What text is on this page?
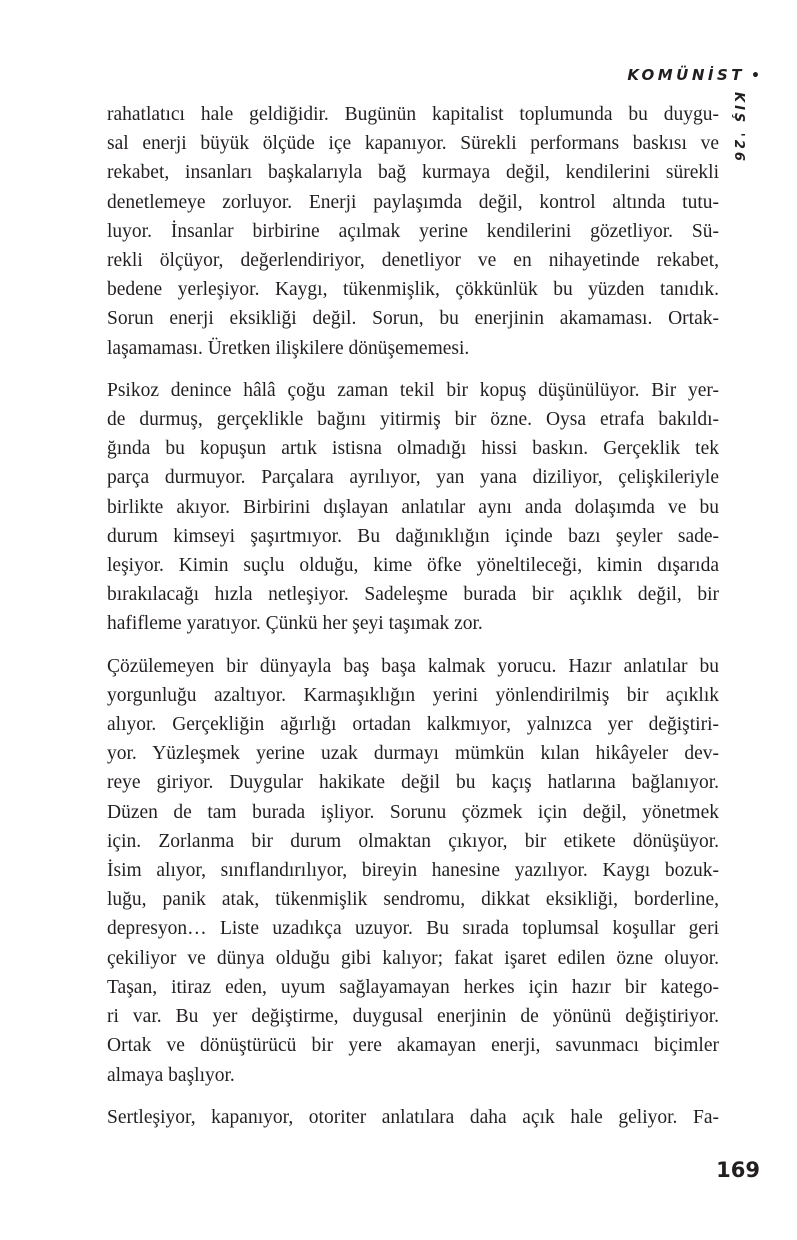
KOMÜNİST •
KIŞ '26

rahatlatıcı hale geldiğidir. Bugünün kapitalist toplumunda bu duygu-
sal enerji büyük ölçüde içe kapanıyor. Sürekli performans baskısı ve
rekabet, insanları başkalarıyla bağ kurmaya değil, kendilerini sürekli
denetlemeye zorluyor. Enerji paylaşımda değil, kontrol altında tutu-
luyor. İnsanlar birbirine açılmak yerine kendilerini gözetliyor. Sü-
rekli ölçüyor, değerlendiriyor, denetliyor ve en nihayetinde rekabet,
bedene yerleşiyor. Kaygı, tükenmişlik, çökkünlük bu yüzden tanıdık.
Sorun enerji eksikliği değil. Sorun, bu enerjinin akamaması. Ortak-
laşamaması. Üretken ilişkilere dönüşememesi.

Psikoz denince hâlâ çoğu zaman tekil bir kopuş düşünülüyor. Bir yer-
de durmuş, gerçeklikle bağını yitirmiş bir özne. Oysa etrafa bakıldı-
ğında bu kopuşun artık istisna olmadığı hissi baskın. Gerçeklik tek
parça durmuyor. Parçalara ayrılıyor, yan yana diziliyor, çelişkileriyle
birlikte akıyor. Birbirini dışlayan anlatılar aynı anda dolaşımda ve bu
durum kimseyi şaşırtmıyor. Bu dağınıklığın içinde bazı şeyler sade-
leşiyor. Kimin suçlu olduğu, kime öfke yöneltileceği, kimin dışarıda
bırakılacağı hızla netleşiyor. Sadeleşme burada bir açıklık değil, bir
hafifleme yaratıyor. Çünkü her şeyi taşımak zor.

Çözülemeyen bir dünyayla baş başa kalmak yorucu. Hazır anlatılar bu
yorgunluğu azaltıyor. Karmaşıklığın yerini yönlendirilmiş bir açıklık
alıyor. Gerçekliğin ağırlığı ortadan kalkmıyor, yalnızca yer değiştiri-
yor. Yüzleşmek yerine uzak durmayı mümkün kılan hikâyeler dev-
reye giriyor. Duygular hakikate değil bu kaçış hatlarına bağlanıyor.
Düzen de tam burada işliyor. Sorunu çözmek için değil, yönetmek
için. Zorlanma bir durum olmaktan çıkıyor, bir etikete dönüşüyor.
İsim alıyor, sınıflandırılıyor, bireyin hanesine yazılıyor. Kaygı bozuk-
luğu, panik atak, tükenmişlik sendromu, dikkat eksikliği, borderline,
depresyon… Liste uzadıkça uzuyor. Bu sırada toplumsal koşullar geri
çekiliyor ve dünya olduğu gibi kalıyor; fakat işaret edilen özne oluyor.
Taşan, itiraz eden, uyum sağlayamayan herkes için hazır bir katego-
ri var. Bu yer değiştirme, duygusal enerjinin de yönünü değiştiriyor.
Ortak ve dönüştürücü bir yere akamayan enerji, savunmacı biçimler
almaya başlıyor.

Sertleşiyor, kapanıyor, otoriter anlatılara daha açık hale geliyor. Fa-

169
